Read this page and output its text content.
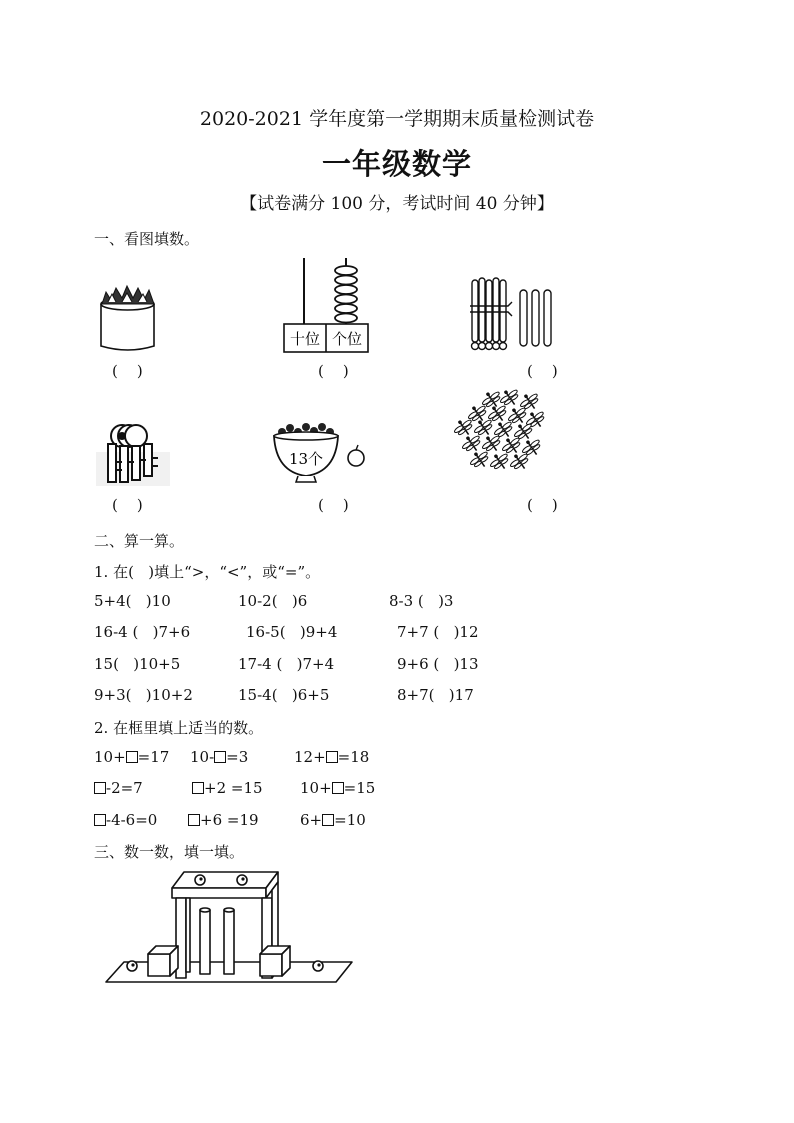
2020-2021 学年度第一学期期末质量检测试卷
一年级数学
【试卷满分 100 分，考试时间 40 分钟】
一、看图填数。
十位 个位
(    )	(    )	(    )
13个
(    )	(    )	(    )
二、算一算。
1. 在(   )填上“>，“<”，或“=”。
5+4(   )10	10-2(   )6	8-3 (   )3
16-4 (   )7+6	16-5(   )9+4	7+7 (   )12
15(   )10+5	17-4 (   )7+4	9+6 (   )13
9+3(   )10+2	15-4(   )6+5	8+7(   )17
2. 在框里填上适当的数。
10+ =17 10- =3	12+ =18
-2=7	+2 =15 10+ =15
-4-6=0	+6 =19	6+ =10
三、数一数，填一填。
